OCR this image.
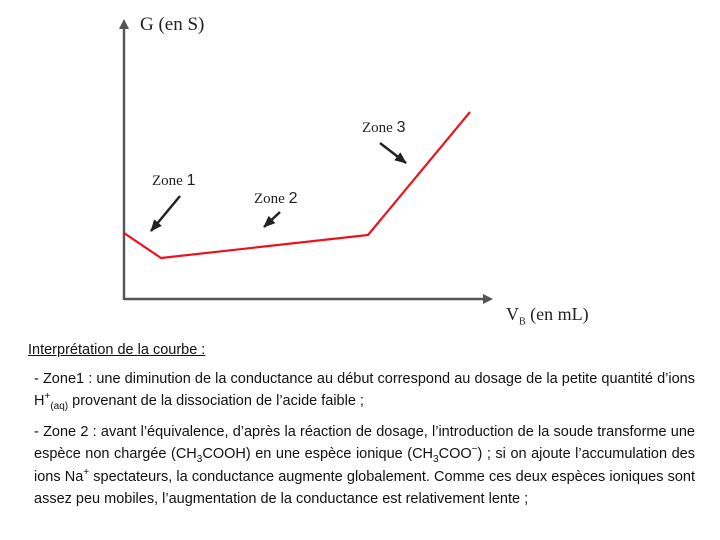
G (en S)
$V_B$ (en mL)
Zone 1
Zone 2
Zone 3
Interprétation de la courbe :
- Zone1 : une diminution de la conductance au début correspond au dosage de la petite quantité d’ions $H^+_{(aq)}$ provenant de la dissociation de l’acide faible ;
- Zone 2 : avant l’équivalence, d’après la réaction de dosage, l’introduction de la soude transforme une espèce non chargée $(CH_3COOH)$ en une espèce ionique $(CH_3COO^-)$ ; si on ajoute l’accumulation des ions Na+ spectateurs, la conductance augmente globalement. Comme ces deux espèces ioniques sont assez peu mobiles, l’augmentation de la conductance est relativement lente ;
